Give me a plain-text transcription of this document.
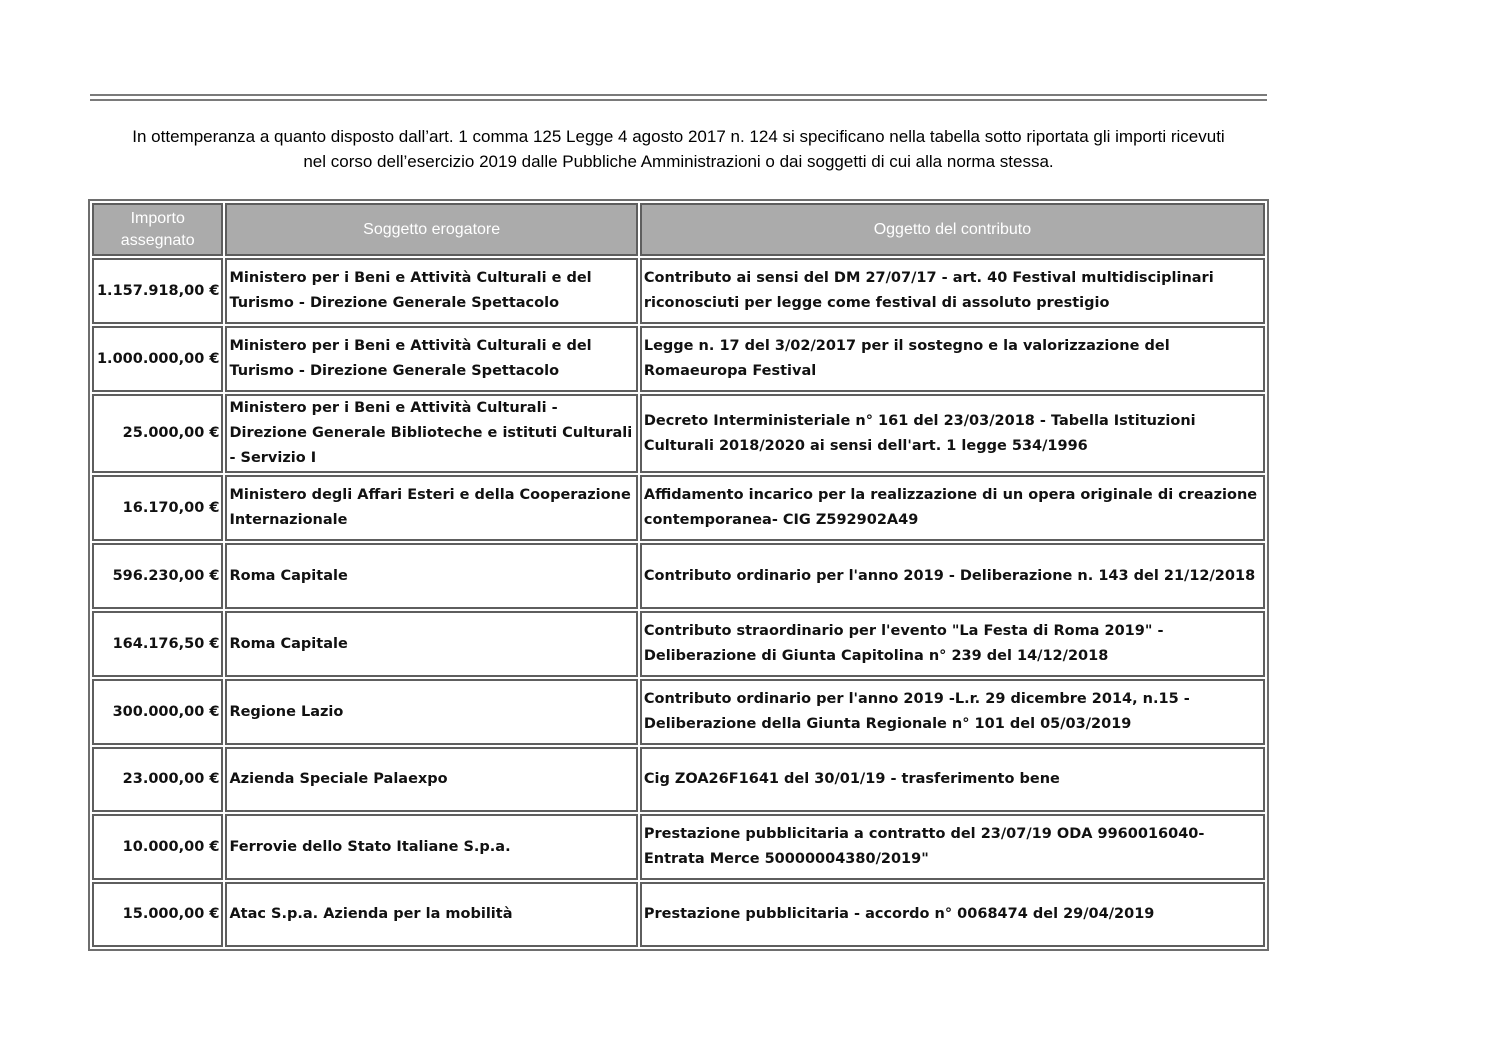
In ottemperanza a quanto disposto dall’art. 1 comma 125 Legge 4 agosto 2017 n. 124 si specificano nella tabella sotto riportata gli importi ricevuti
nel corso dell’esercizio 2019 dalle Pubbliche Amministrazioni o dai soggetti di cui alla norma stessa.
Importo assegnato	Soggetto erogatore	Oggetto del contributo
1.157.918,00 €	Ministero per i Beni e Attività Culturali e del Turismo - Direzione Generale Spettacolo	Contributo ai sensi del DM 27/07/17 - art. 40 Festival multidisciplinari riconosciuti per legge come festival di assoluto prestigio
1.000.000,00 €	Ministero per i Beni e Attività Culturali e del Turismo - Direzione Generale Spettacolo	Legge n. 17 del 3/02/2017 per il sostegno e la valorizzazione del Romaeuropa Festival
25.000,00 €	Ministero per i Beni e Attività Culturali - Direzione Generale Biblioteche e istituti Culturali - Servizio I	Decreto Interministeriale n° 161 del 23/03/2018 - Tabella Istituzioni Culturali 2018/2020 ai sensi dell'art. 1 legge 534/1996
16.170,00 €	Ministero degli Affari Esteri e della Cooperazione Internazionale	Affidamento incarico per la realizzazione di un opera originale di creazione contemporanea- CIG Z592902A49
596.230,00 €	Roma Capitale	Contributo ordinario per l'anno 2019 - Deliberazione n. 143 del 21/12/2018
164.176,50 €	Roma Capitale	Contributo straordinario per l'evento "La Festa di Roma 2019" - Deliberazione di Giunta Capitolina n° 239 del 14/12/2018
300.000,00 €	Regione Lazio	Contributo ordinario per l'anno 2019 -L.r. 29 dicembre 2014, n.15 - Deliberazione della Giunta Regionale n° 101 del 05/03/2019
23.000,00 €	Azienda Speciale Palaexpo	Cig ZOA26F1641 del 30/01/19 - trasferimento bene
10.000,00 €	Ferrovie dello Stato Italiane S.p.a.	Prestazione pubblicitaria a contratto del 23/07/19 ODA 9960016040- Entrata Merce 50000004380/2019"
15.000,00 €	Atac S.p.a. Azienda per la mobilità	Prestazione pubblicitaria - accordo n° 0068474 del 29/04/2019
